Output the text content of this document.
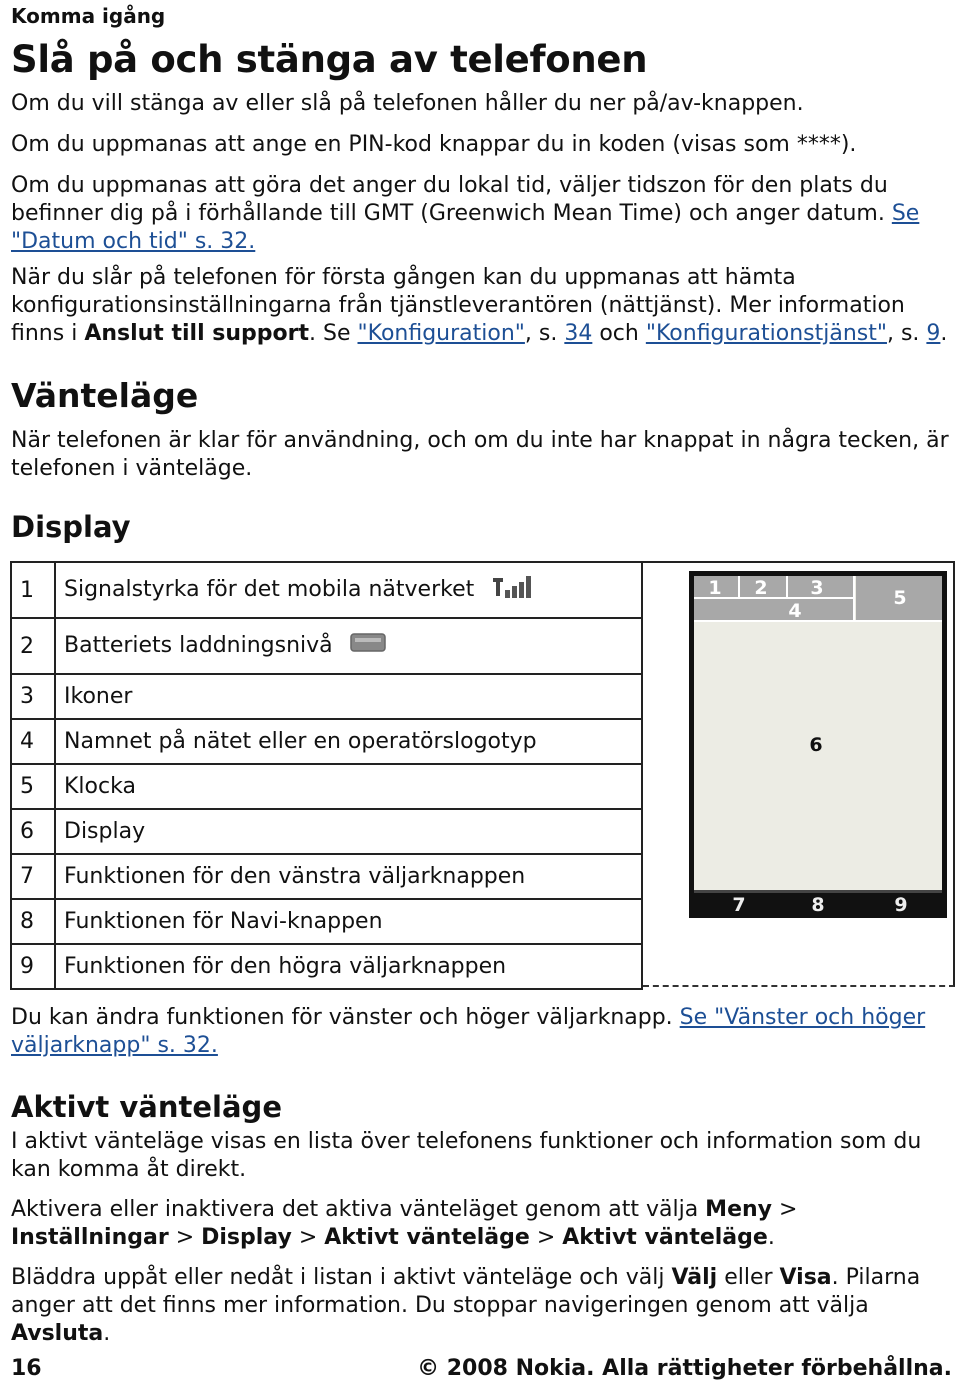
Komma igång
Slå på och stänga av telefonen
Om du vill stänga av eller slå på telefonen håller du ner på/av-knappen.
Om du uppmanas att ange en PIN-kod knappar du in koden (visas som ****).
Om du uppmanas att göra det anger du lokal tid, väljer tidszon för den plats du befinner dig på i förhållande till GMT (Greenwich Mean Time) och anger datum. Se "Datum och tid" s. 32.
När du slår på telefonen för första gången kan du uppmanas att hämta konfigurationsinställningarna från tjänstleverantören (nättjänst). Mer information finns i Anslut till support. Se "Konfiguration", s. 34 och "Konfigurationstjänst", s. 9.
Vänteläge
När telefonen är klar för användning, och om du inte har knappat in några tecken, är telefonen i vänteläge.
Display
1	Signalstyrka för det mobila nätverket
2	Batteriets laddningsnivå
3	Ikoner
4	Namnet på nätet eller en operatörslogotyp
5	Klocka
6	Display
7	Funktionen för den vänstra väljarknappen
8	Funktionen för Navi-knappen
9	Funktionen för den högra väljarknappen
1 2 3
4
5
6
7	8	9
Du kan ändra funktionen för vänster och höger väljarknapp. Se "Vänster och höger väljarknapp" s. 32.
Aktivt vänteläge
I aktivt vänteläge visas en lista över telefonens funktioner och information som du kan komma åt direkt.
Aktivera eller inaktivera det aktiva vänteläget genom att välja Meny > Inställningar > Display > Aktivt vänteläge > Aktivt vänteläge.
Bläddra uppåt eller nedåt i listan i aktivt vänteläge och välj Välj eller Visa. Pilarna anger att det finns mer information. Du stoppar navigeringen genom att välja Avsluta.
16	© 2008 Nokia. Alla rättigheter förbehållna.
